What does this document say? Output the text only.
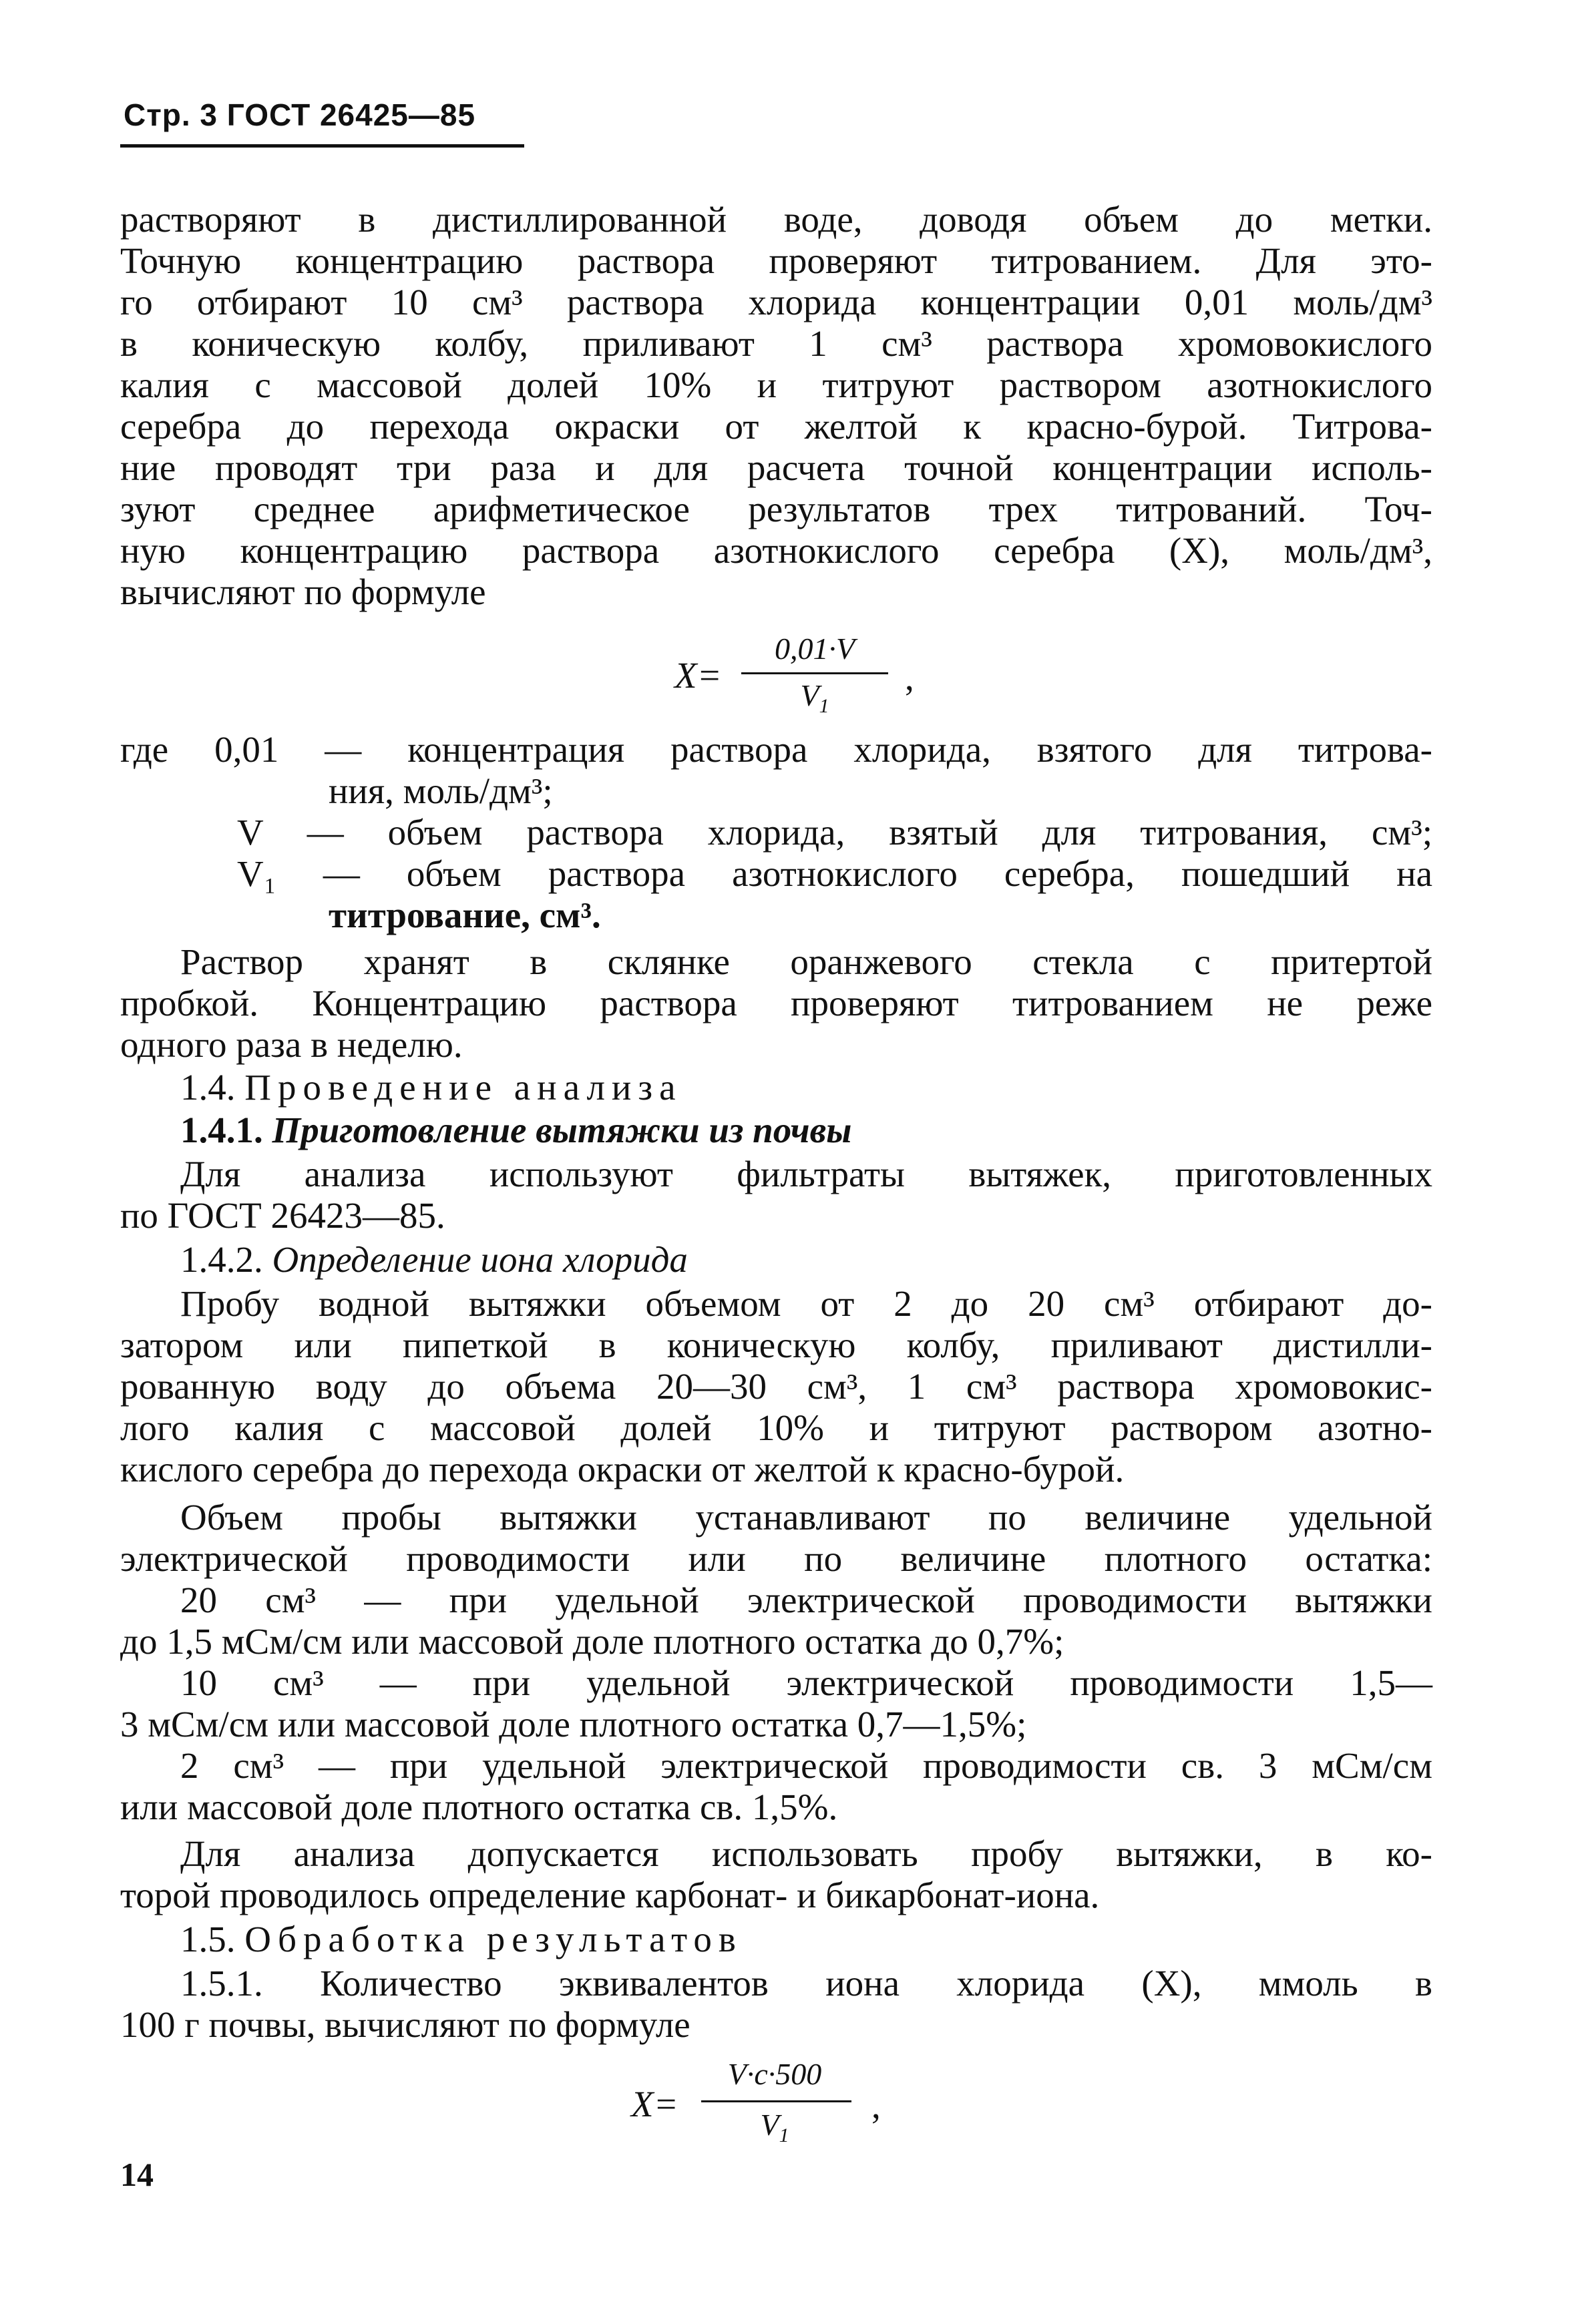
Стр. 3 ГОСТ 26425—85
растворяют в дистиллированной воде, доводя объем до метки.
Точную концентрацию раствора проверяют титрованием. Для это-
го отбирают 10 см³ раствора хлорида концентрации 0,01 моль/дм³
в коническую колбу, приливают 1 см³ раствора хромовокислого
калия с массовой долей 10% и титруют раствором азотнокислого
серебра до перехода окраски от желтой к красно-бурой. Титрова-
ние проводят три раза и для расчета точной концентрации исполь-
зуют среднее арифметическое результатов трех титрований. Точ-
ную концентрацию раствора азотнокислого серебра (X), моль/дм³,
вычисляют по формуле
X=
0,01·V
$V_1$
,
где 0,01 — концентрация раствора хлорида, взятого для титрова-
ния, моль/дм³;
V — объем раствора хлорида, взятый для титрования, см³;
V₁ — объем раствора азотнокислого серебра, пошедший на
титрование, см³.
Раствор хранят в склянке оранжевого стекла с притертой
пробкой. Концентрацию раствора проверяют титрованием не реже
одного раза в неделю.
1.4. Проведение анализа
1.4.1. Приготовление вытяжки из почвы
Для анализа используют фильтраты вытяжек, приготовленных
по ГОСТ 26423—85.
1.4.2. Определение иона хлорида
Пробу водной вытяжки объемом от 2 до 20 см³ отбирают до-
затором или пипеткой в коническую колбу, приливают дистилли-
рованную воду до объема 20—30 см³, 1 см³ раствора хромовокис-
лого калия с массовой долей 10% и титруют раствором азотно-
кислого серебра до перехода окраски от желтой к красно-бурой.
Объем пробы вытяжки устанавливают по величине удельной
электрической проводимости или по величине плотного остатка:
20 см³ — при удельной электрической проводимости вытяжки
до 1,5 мСм/см или массовой доле плотного остатка до 0,7%;
10 см³ — при удельной электрической проводимости 1,5—
3 мСм/см или массовой доле плотного остатка 0,7—1,5%;
2 см³ — при удельной электрической проводимости св. 3 мСм/см
или массовой доле плотного остатка св. 1,5%.
Для анализа допускается использовать пробу вытяжки, в ко-
торой проводилось определение карбонат- и бикарбонат-иона.
1.5. Обработка результатов
1.5.1. Количество эквивалентов иона хлорида (X), ммоль в
100 г почвы, вычисляют по формуле
X=
V·c·500
$V_1$
,
14
